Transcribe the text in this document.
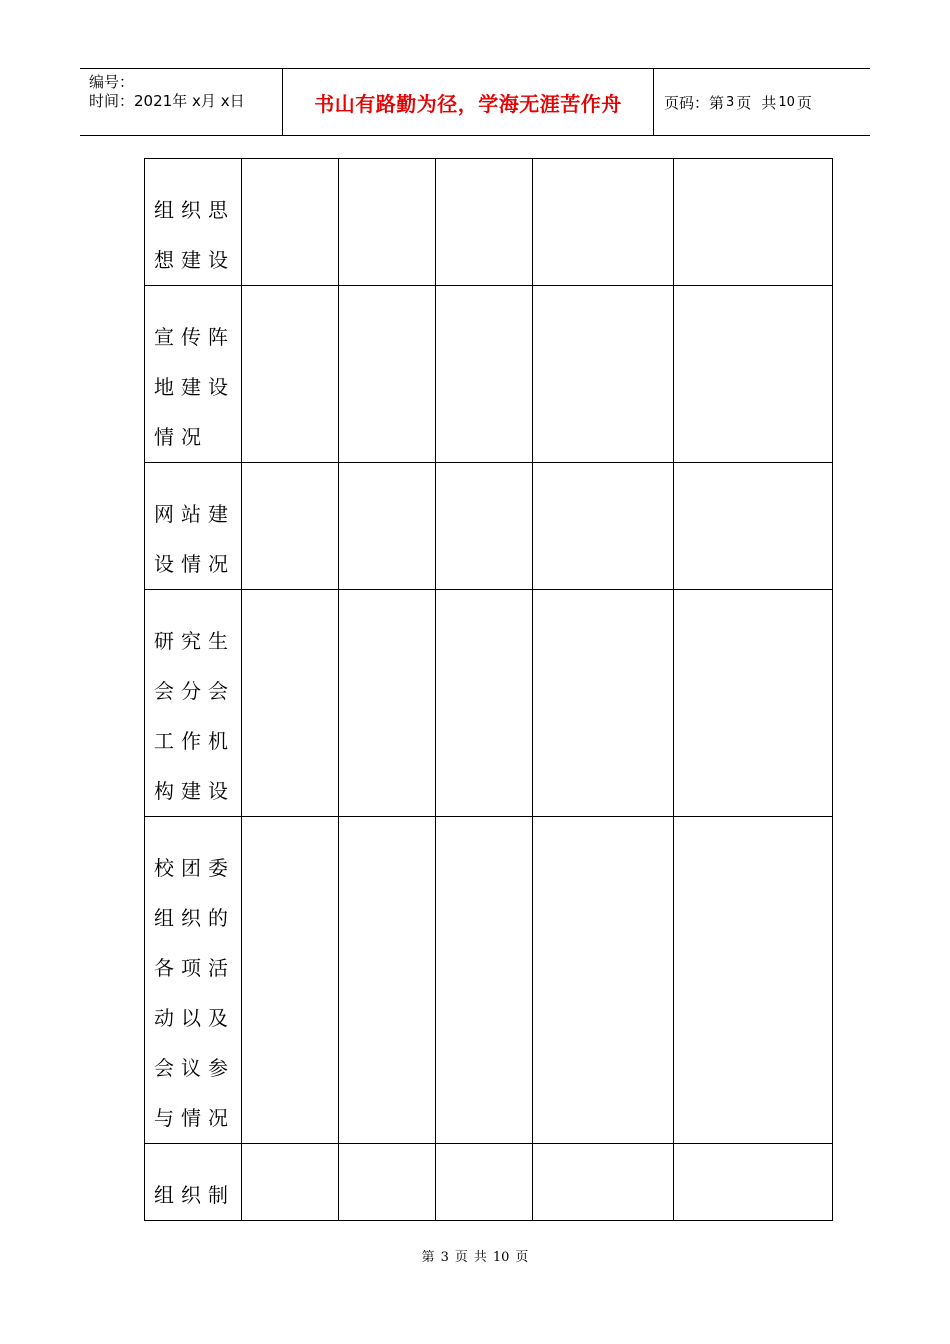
编号：
时间：2021年 x月 x日	书山有路勤为径，学海无涯苦作舟	页码：第 3 页 共 10 页
组织思想建设					
宣传阵地建设情况					
网站建设情况					
研究生会分会工作机构建设					
校团委组织的各项活动以及会议参与情况					
组织制					
第 3 页 共 10 页
